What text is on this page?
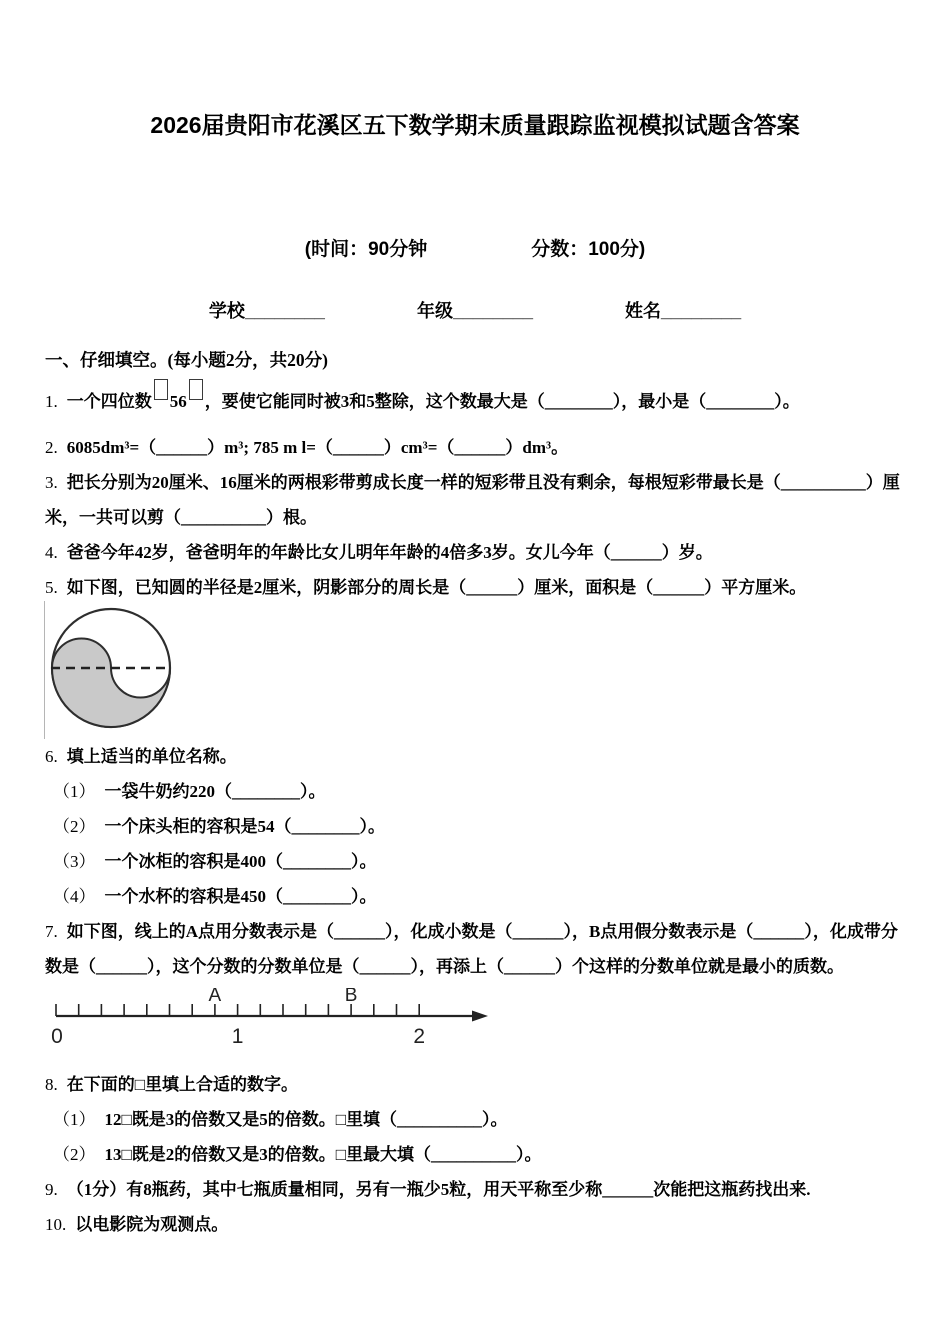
2026届贵阳市花溪区五下数学期末质量跟踪监视模拟试题含答案
(时间：90分钟	分数：100分)
学校________	年级________	姓名________
一、仔细填空。(每小题2分，共20分)
1. 一个四位数 56 ，要使它能同时被3和5整除，这个数最大是（________），最小是（________）。
2. 6085dm³=（______）m³; 785 m l=（______）cm³=（______）dm³。
3. 把长分别为20厘米、16厘米的两根彩带剪成长度一样的短彩带且没有剩余，每根短彩带最长是（__________）厘米，一共可以剪（__________）根。
4. 爸爸今年42岁，爸爸明年的年龄比女儿明年年龄的4倍多3岁。女儿今年（______）岁。
5. 如下图，已知圆的半径是2厘米，阴影部分的周长是（______）厘米，面积是（______）平方厘米。
6. 填上适当的单位名称。
（1） 一袋牛奶约220（________）。
（2） 一个床头柜的容积是54（________）。
（3） 一个冰柜的容积是400（________）。
（4） 一个水杯的容积是450（________）。
7. 如下图，线上的A点用分数表示是（______），化成小数是（______），B点用假分数表示是（______），化成带分数是（______），这个分数的分数单位是（______），再添上（______）个这样的分数单位就是最小的质数。
A	B
0	1	2
8. 在下面的□里填上合适的数字。
（1） 12□既是3的倍数又是5的倍数。□里填（__________）。
（2） 13□既是2的倍数又是3的倍数。□里最大填（__________）。
9. （1分）有8瓶药，其中七瓶质量相同，另有一瓶少5粒，用天平称至少称______次能把这瓶药找出来.
10. 以电影院为观测点。
